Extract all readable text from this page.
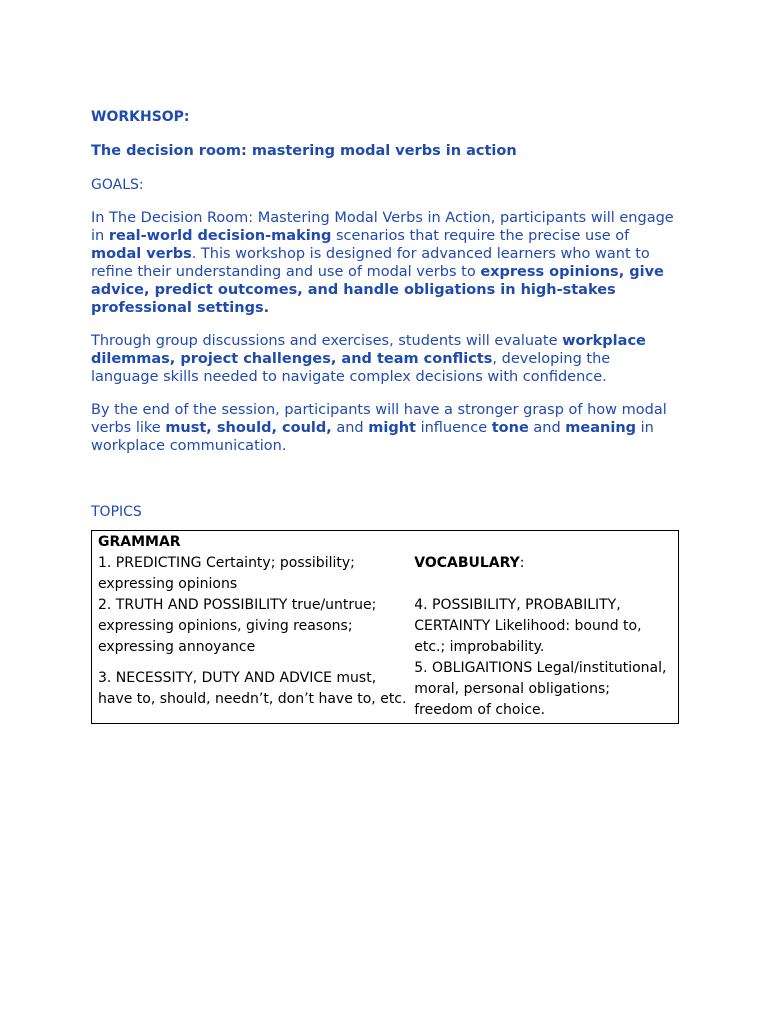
WORKHSOP:

The decision room: mastering modal verbs in action

GOALS:

In The Decision Room: Mastering Modal Verbs in Action, participants will engage in real-world decision-making scenarios that require the precise use of modal verbs. This workshop is designed for advanced learners who want to refine their understanding and use of modal verbs to express opinions, give advice, predict outcomes, and handle obligations in high-stakes professional settings.

Through group discussions and exercises, students will evaluate workplace dilemmas, project challenges, and team conflicts, developing the language skills needed to navigate complex decisions with confidence.

By the end of the session, participants will have a stronger grasp of how modal verbs like must, should, could, and might influence tone and meaning in workplace communication.

TOPICS

GRAMMAR

1. PREDICTING Certainty; possibility; expressing opinions

2. TRUTH AND POSSIBILITY true/untrue; expressing opinions, giving reasons; expressing annoyance

3. NECESSITY, DUTY AND ADVICE must, have to, should, needn’t, don’t have to, etc.

VOCABULARY:

4. POSSIBILITY, PROBABILITY, CERTAINTY Likelihood: bound to, etc.; improbability.

5. OBLIGAITIONS Legal/institutional, moral, personal obligations; freedom of choice.
